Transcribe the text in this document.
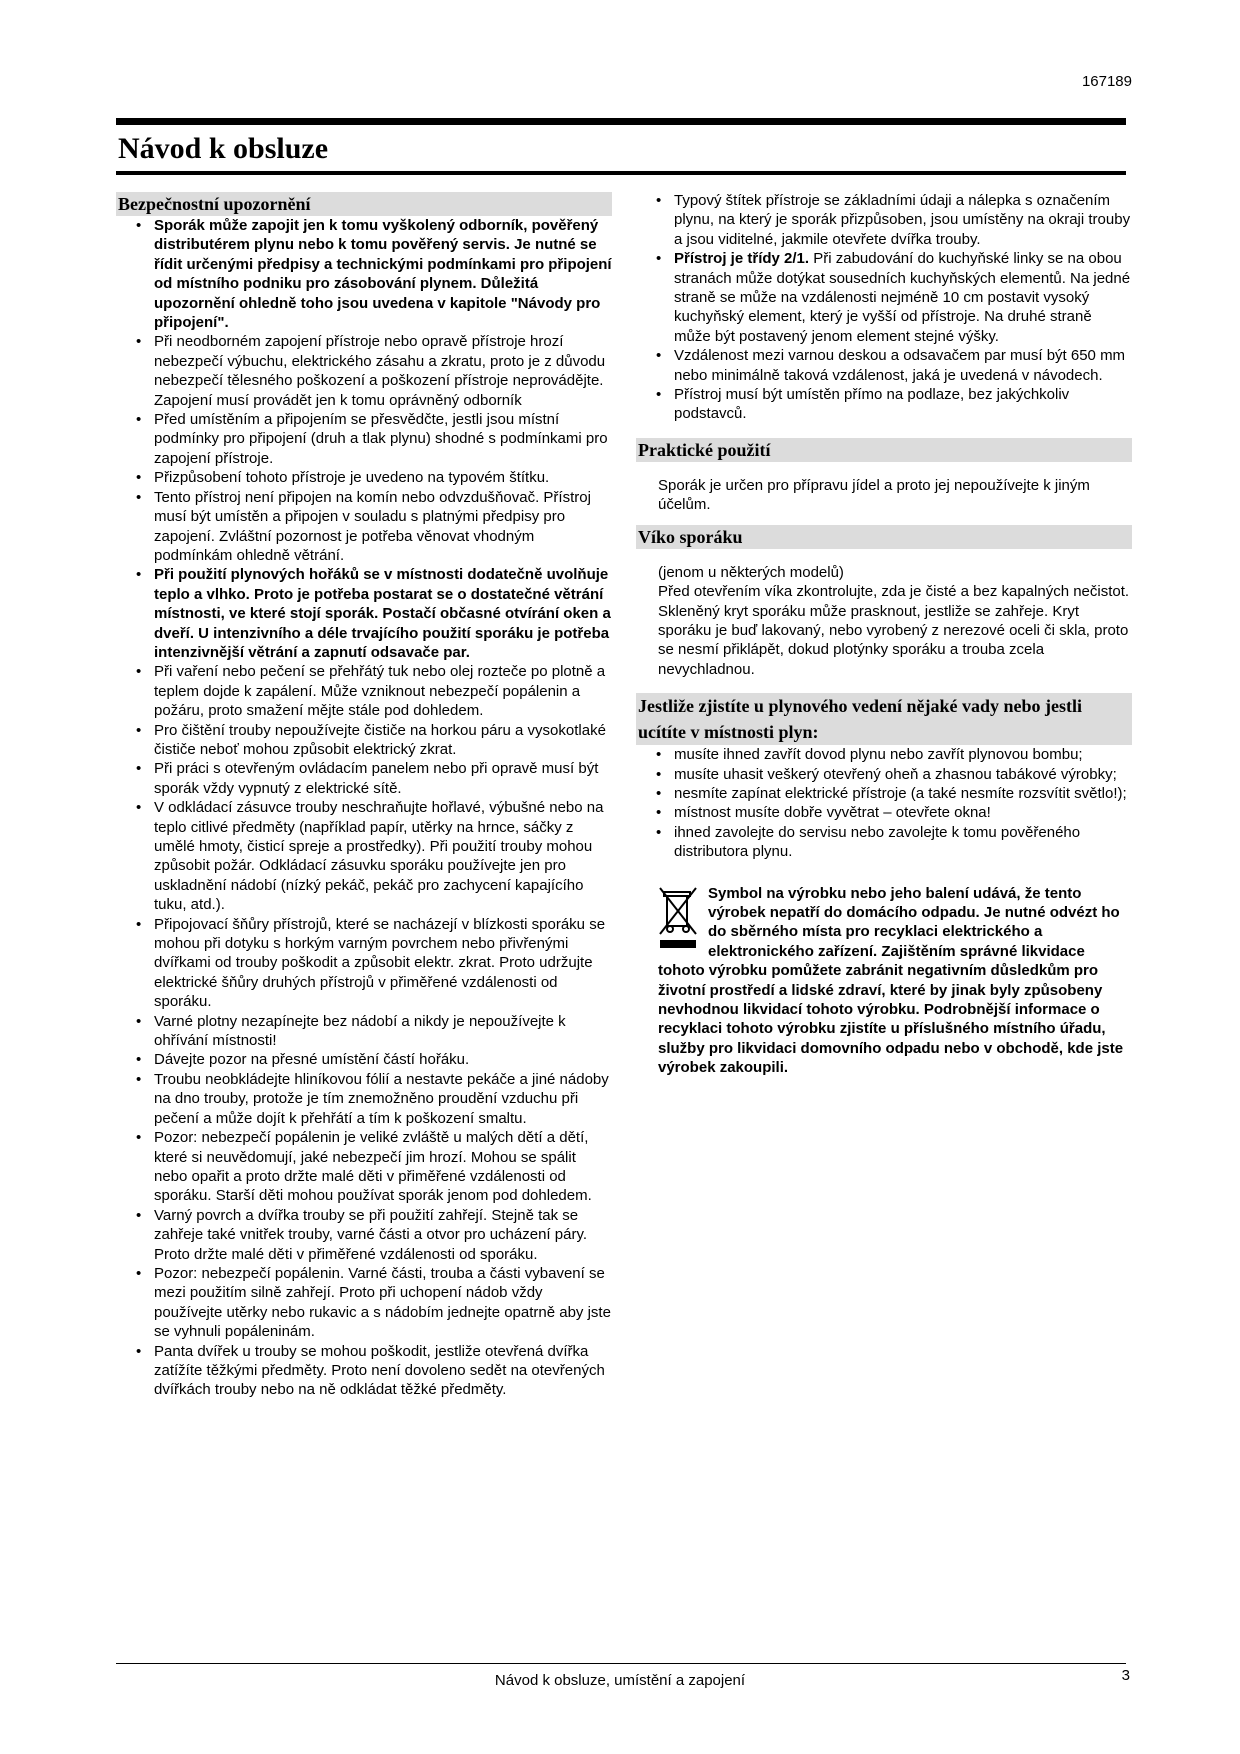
167189
Návod k obsluze
Bezpečnostní upozornění
• Sporák může zapojit jen k tomu vyškolený odborník, pověřený distributérem plynu nebo k tomu pověřený servis. Je nutné se řídit určenými předpisy a technickými podmínkami pro připojení od místního podniku pro zásobování plynem. Důležitá upozornění ohledně toho jsou uvedena v kapitole "Návody pro připojení".
• Při neodborném zapojení přístroje nebo opravě přístroje hrozí nebezpečí výbuchu, elektrického zásahu a zkratu, proto je z důvodu nebezpečí tělesného poškození a poškození přístroje neprovádějte. Zapojení musí provádět jen k tomu oprávněný odborník
• Před umístěním a připojením se přesvědčte, jestli jsou místní podmínky pro připojení (druh a tlak plynu) shodné s podmínkami pro zapojení přístroje.
• Přizpůsobení tohoto přístroje je uvedeno na typovém štítku.
• Tento přístroj není připojen na komín nebo odvzdušňovač. Přístroj musí být umístěn a připojen v souladu s platnými předpisy pro zapojení. Zvláštní pozornost je potřeba věnovat vhodným podmínkám ohledně větrání.
• Při použití plynových hořáků se v místnosti dodatečně uvolňuje teplo a vlhko. Proto je potřeba postarat se o dostatečné větrání místnosti, ve které stojí sporák. Postačí občasné otvírání oken a dveří. U intenzivního a déle trvajícího použití sporáku je potřeba intenzivnější větrání a zapnutí odsavače par.
• Při vaření nebo pečení se přehřátý tuk nebo olej rozteče po plotně a teplem dojde k zapálení. Může vzniknout nebezpečí popálenin a požáru, proto smažení mějte stále pod dohledem.
• Pro čištění trouby nepoužívejte čističe na horkou páru a vysokotlaké čističe neboť mohou způsobit elektrický zkrat.
• Při práci s otevřeným ovládacím panelem nebo při opravě musí být sporák vždy vypnutý z elektrické sítě.
• V odkládací zásuvce trouby neschraňujte hořlavé, výbušné nebo na teplo citlivé předměty (například papír, utěrky na hrnce, sáčky z umělé hmoty, čisticí spreje a prostředky). Při použití trouby mohou způsobit požár. Odkládací zásuvku sporáku používejte jen pro uskladnění nádobí (nízký pekáč, pekáč pro zachycení kapajícího tuku, atd.).
• Připojovací šňůry přístrojů, které se nacházejí v blízkosti sporáku se mohou při dotyku s horkým varným povrchem nebo přivřenými dvířkami od trouby poškodit a způsobit elektr. zkrat. Proto udržujte elektrické šňůry druhých přístrojů v přiměřené vzdálenosti od sporáku.
• Varné plotny nezapínejte bez nádobí a nikdy je nepoužívejte k ohřívání místnosti!
• Dávejte pozor na přesné umístění částí hořáku.
• Troubu neobkládejte hliníkovou fólií a nestavte pekáče a jiné nádoby na dno trouby, protože je tím znemožněno proudění vzduchu při pečení a může dojít k přehřátí a tím k poškození smaltu.
• Pozor: nebezpečí popálenin je veliké zvláště u malých dětí a dětí, které si neuvědomují, jaké nebezpečí jim hrozí. Mohou se spálit nebo opařit a proto držte malé děti v přiměřené vzdálenosti od sporáku. Starší děti mohou používat sporák jenom pod dohledem.
• Varný povrch a dvířka trouby se při použití zahřejí. Stejně tak se zahřeje také vnitřek trouby, varné části a otvor pro ucházení páry. Proto držte malé děti v přiměřené vzdálenosti od sporáku.
• Pozor: nebezpečí popálenin. Varné části, trouba a části vybavení se mezi použitím silně zahřejí. Proto při uchopení nádob vždy používejte utěrky nebo rukavic a s nádobím jednejte opatrně aby jste se vyhnuli popáleninám.
• Panta dvířek u trouby se mohou poškodit, jestliže otevřená dvířka zatížíte těžkými předměty. Proto není dovoleno sedět na otevřených dvířkách trouby nebo na ně odkládat těžké předměty.
• Typový štítek přístroje se základními údaji a nálepka s označením plynu, na který je sporák přizpůsoben, jsou umístěny na okraji trouby a jsou viditelné, jakmile otevřete dvířka trouby.
• Přístroj je třídy 2/1. Při zabudování do kuchyňské linky se na obou stranách může dotýkat sousedních kuchyňských elementů. Na jedné straně se může na vzdálenosti nejméně 10 cm postavit vysoký kuchyňský element, který je vyšší od přístroje. Na druhé straně může být postavený jenom element stejné výšky.
• Vzdálenost mezi varnou deskou a odsavačem par musí být 650 mm nebo minimálně taková vzdálenost, jaká je uvedená v návodech.
• Přístroj musí být umístěn přímo na podlaze, bez jakýchkoliv podstavců.
Praktické použití
Sporák je určen pro přípravu jídel a proto jej nepoužívejte k jiným účelům.
Víko sporáku
(jenom u některých modelů)
Před otevřením víka zkontrolujte, zda je čisté a bez kapalných nečistot.
Skleněný kryt sporáku může prasknout, jestliže se zahřeje. Kryt sporáku je buď lakovaný, nebo vyrobený z nerezové oceli či skla, proto se nesmí přiklápět, dokud plotýnky sporáku a trouba zcela nevychladnou.
Jestliže zjistíte u plynového vedení nějaké vady nebo jestli ucítíte v místnosti plyn:
• musíte ihned zavřít dovod plynu nebo zavřít plynovou bombu;
• musíte uhasit veškerý otevřený oheň a zhasnou tabákové výrobky;
• nesmíte zapínat elektrické přístroje (a také nesmíte rozsvítit světlo!);
• místnost musíte dobře vyvětrat – otevřete okna!
• ihned zavolejte do servisu nebo zavolejte k tomu pověřeného distributora plynu.
Symbol na výrobku nebo jeho balení udává, že tento výrobek nepatří do domácího odpadu. Je nutné odvézt ho do sběrného místa pro recyklaci elektrického a elektronického zařízení. Zajištěním správné likvidace tohoto výrobku pomůžete zabránit negativním důsledkům pro životní prostředí a lidské zdraví, které by jinak byly způsobeny nevhodnou likvidací tohoto výrobku. Podrobnější informace o recyklaci tohoto výrobku zjistíte u příslušného místního úřadu, služby pro likvidaci domovního odpadu nebo v obchodě, kde jste výrobek zakoupili.
Návod k obsluze, umístění a zapojení	3
